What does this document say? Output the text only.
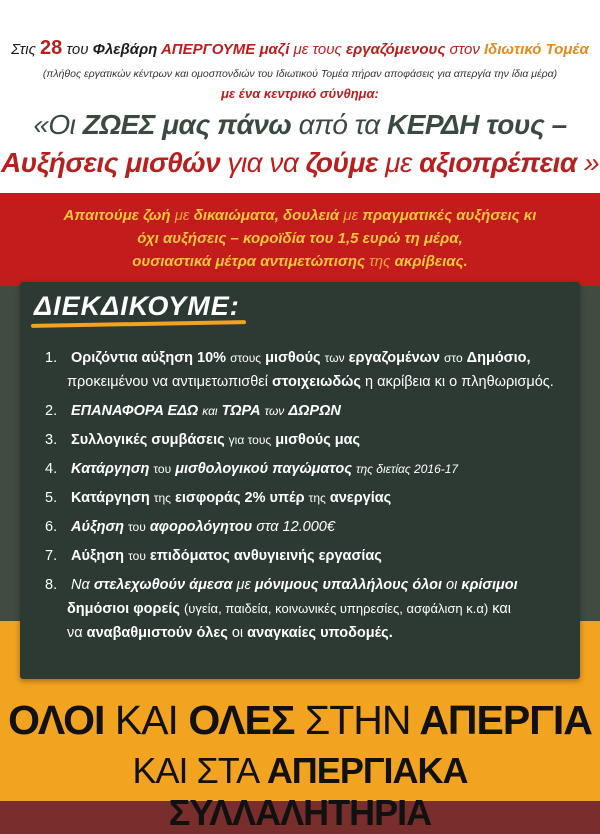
Στις 28 του Φλεβάρη ΑΠΕΡΓΟΥΜΕ μαζί με τους εργαζόμενους στον Ιδιωτικό Τομέα
(πλήθος εργατικών κέντρων και ομοσπονδιών του Ιδιωτικού Τομέα πήραν αποφάσεις για απεργία την ίδια μέρα)
με ένα κεντρικό σύνθημα:
«Οι ΖΩΕΣ μας πάνω από τα ΚΕΡΔΗ τους –
Αυξήσεις μισθών για να ζούμε με αξιοπρέπεια »
Απαιτούμε ζωή με δικαιώματα, δουλειά με πραγματικές αυξήσεις κι
όχι αυξήσεις – κοροϊδία του 1,5 ευρώ τη μέρα,
ουσιαστικά μέτρα αντιμετώπισης της ακρίβειας.
ΔΙΕΚΔΙΚΟΥΜΕ:
1. Οριζόντια αύξηση 10% στους μισθούς των εργαζομένων στο Δημόσιο,
προκειμένου να αντιμετωπισθεί στοιχειωδώς η ακρίβεια κι ο πληθωρισμός.
2. ΕΠΑΝΑΦΟΡΑ ΕΔΩ και ΤΩΡΑ των ΔΩΡΩΝ
3. Συλλογικές συμβάσεις για τους μισθούς μας
4. Κατάργηση του μισθολογικού παγώματος της διετίας 2016-17
5. Κατάργηση της εισφοράς 2% υπέρ της ανεργίας
6. Αύξηση του αφορολόγητου στα 12.000€
7. Αύξηση του επιδόματος ανθυγιεινής εργασίας
8. Να στελεχωθούν άμεσα με μόνιμους υπαλλήλους όλοι οι κρίσιμοι
δημόσιοι φορείς (υγεία, παιδεία, κοινωνικές υπηρεσίες, ασφάλιση κ.α) και
να αναβαθμιστούν όλες οι αναγκαίες υποδομές.
ΟΛΟΙ ΚΑΙ ΟΛΕΣ ΣΤΗΝ ΑΠΕΡΓΙΑ
ΚΑΙ ΣΤΑ ΑΠΕΡΓΙΑΚΑ ΣΥΛΛΑΛΗΤΗΡΙΑ
